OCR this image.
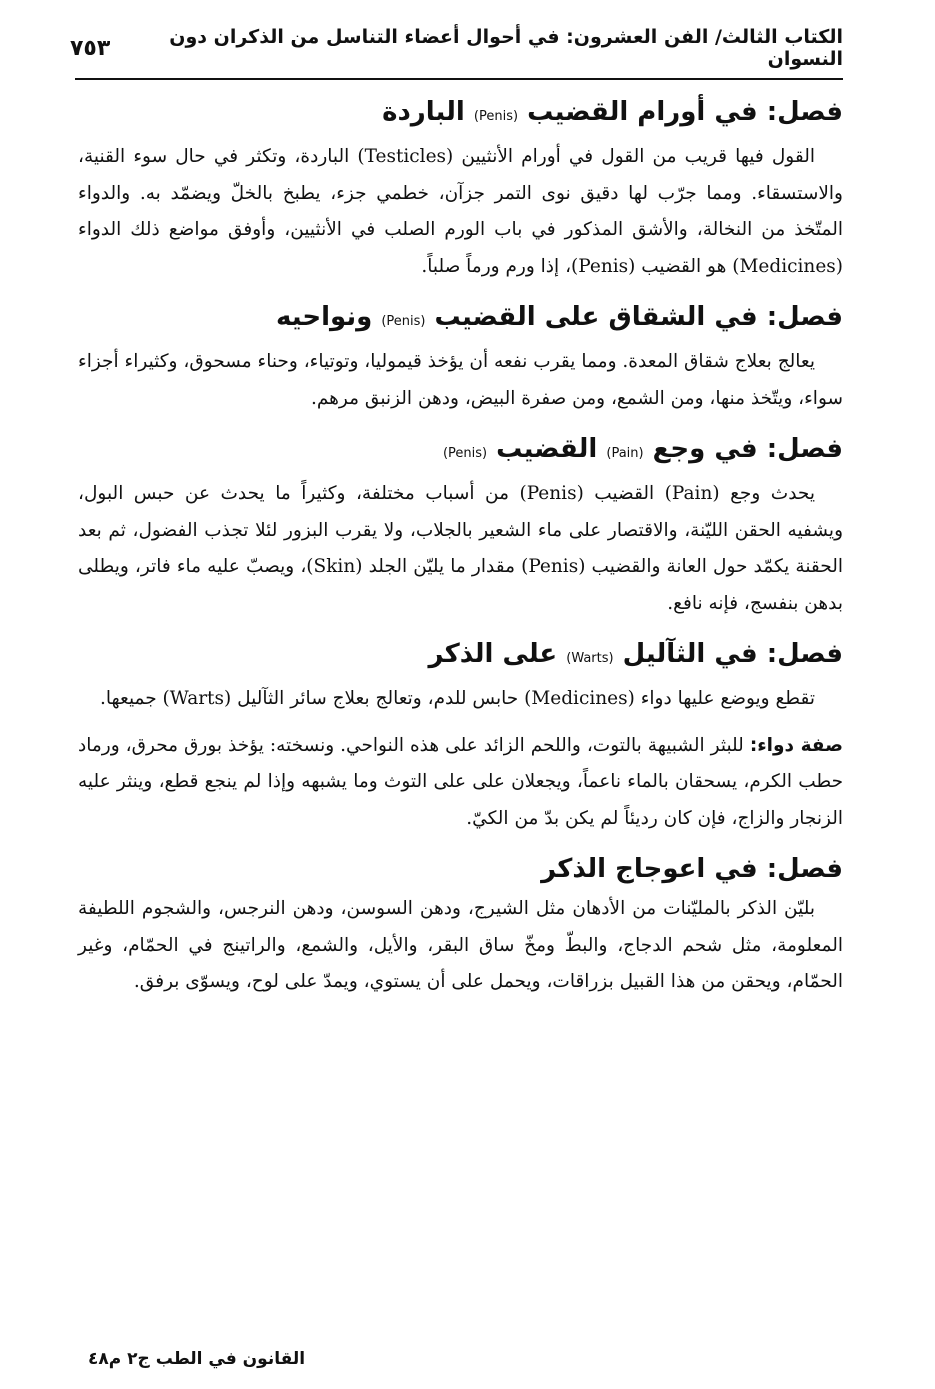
الكتاب الثالث/ الفن العشرون: في أحوال أعضاء التناسل من الذكران دون النسوان
٧٥٣
فصل: في أورام القضيب (Penis) الباردة

القول فيها قريب من القول في أورام الأنثيين (Testicles) الباردة، وتكثر في حال سوء القنية، والاستسقاء. ومما جرّب لها دقيق نوى التمر جزآن، خطمي جزء، يطبخ بالخلّ ويضمّد به. والدواء المتّخذ من النخالة، والأشق المذكور في باب الورم الصلب في الأنثيين، وأوفق مواضع ذلك الدواء (Medicines) هو القضيب (Penis)، إذا ورم ورماً صلباً.

فصل: في الشقاق على القضيب (Penis) ونواحيه

يعالج بعلاج شقاق المعدة. ومما يقرب نفعه أن يؤخذ قيموليا، وتوتياء، وحناء مسحوق، وكثيراء أجزاء سواء، ويتّخذ منها، ومن الشمع، ومن صفرة البيض، ودهن الزنبق مرهم.

فصل: في وجع (Pain) القضيب (Penis)

يحدث وجع (Pain) القضيب (Penis) من أسباب مختلفة، وكثيراً ما يحدث عن حبس البول، ويشفيه الحقن الليّنة، والاقتصار على ماء الشعير بالجلاب، ولا يقرب البزور لئلا تجذب الفضول، ثم بعد الحقنة يكمّد حول العانة والقضيب (Penis) مقدار ما يليّن الجلد (Skin)، ويصبّ عليه ماء فاتر، ويطلى بدهن بنفسج، فإنه نافع.

فصل: في الثآليل (Warts) على الذكر

تقطع ويوضع عليها دواء (Medicines) حابس للدم، وتعالج بعلاج سائر الثآليل (Warts) جميعها.

صفة دواء: للبثر الشبيهة بالتوت، واللحم الزائد على هذه النواحي. ونسخته: يؤخذ بورق محرق، ورماد حطب الكرم، يسحقان بالماء ناعماً، ويجعلان على على التوث وما يشبهه وإذا لم ينجع قطع، وينثر عليه الزنجار والزاج، فإن كان رديئاً لم يكن بدّ من الكيّ.

فصل: في اعوجاج الذكر

بليّن الذكر بالمليّنات من الأدهان مثل الشيرج، ودهن السوسن، ودهن النرجس، والشجوم اللطيفة المعلومة، مثل شحم الدجاج، والبطّ ومخّ ساق البقر، والأيل، والشمع، والراتينج في الحمّام، وغير الحمّام، ويحقن من هذا القبيل بزراقات، ويحمل على أن يستوي، ويمدّ على لوح، ويسوّى برفق.

القانون في الطب ج٢ م٤٨
